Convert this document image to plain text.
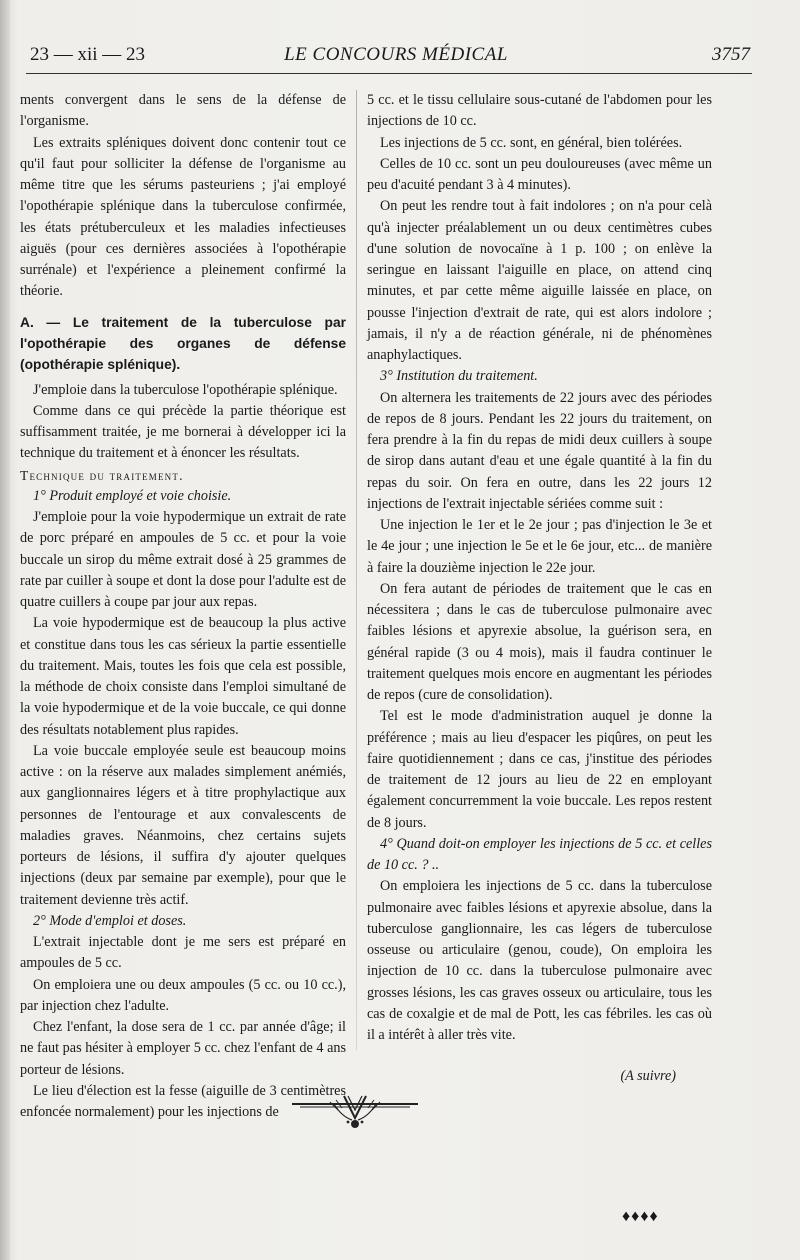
23 — xii — 23	LE CONCOURS MÉDICAL	3757

ments convergent dans le sens de la défense de l'organisme.

Les extraits spléniques doivent donc contenir tout ce qu'il faut pour solliciter la défense de l'organisme au même titre que les sérums pasteuriens ; j'ai employé l'opothérapie splénique dans la tuberculose confirmée, les états prétuberculeux et les maladies infectieuses aiguës (pour ces dernières associées à l'opothérapie surrénale) et l'expérience a pleinement confirmé la théorie.

A. — Le traitement de la tuberculose par l'opothérapie des organes de défense (opothérapie splénique).

J'emploie dans la tuberculose l'opothérapie splénique.

Comme dans ce qui précède la partie théorique est suffisamment traitée, je me bornerai à développer ici la technique du traitement et à énoncer les résultats.

Technique du traitement.

1° Produit employé et voie choisie.

J'emploie pour la voie hypodermique un extrait de rate de porc préparé en ampoules de 5 cc. et pour la voie buccale un sirop du même extrait dosé à 25 grammes de rate par cuiller à soupe et dont la dose pour l'adulte est de quatre cuillers à coupe par jour aux repas.

La voie hypodermique est de beaucoup la plus active et constitue dans tous les cas sérieux la partie essentielle du traitement. Mais, toutes les fois que cela est possible, la méthode de choix consiste dans l'emploi simultané de la voie hypodermique et de la voie buccale, ce qui donne des résultats notablement plus rapides.

La voie buccale employée seule est beaucoup moins active : on la réserve aux malades simplement anémiés, aux ganglionnaires légers et à titre prophylactique aux personnes de l'entourage et aux convalescents de maladies graves. Néanmoins, chez certains sujets porteurs de lésions, il suffira d'y ajouter quelques injections (deux par semaine par exemple), pour que le traitement devienne très actif.

2° Mode d'emploi et doses.

L'extrait injectable dont je me sers est préparé en ampoules de 5 cc.

On emploiera une ou deux ampoules (5 cc. ou 10 cc.), par injection chez l'adulte.

Chez l'enfant, la dose sera de 1 cc. par année d'âge; il ne faut pas hésiter à employer 5 cc. chez l'enfant de 4 ans porteur de lésions.

Le lieu d'élection est la fesse (aiguille de 3 centimètres enfoncée normalement) pour les injections de

5 cc. et le tissu cellulaire sous-cutané de l'abdomen pour les injections de 10 cc.

Les injections de 5 cc. sont, en général, bien tolérées.

Celles de 10 cc. sont un peu douloureuses (avec même un peu d'acuité pendant 3 à 4 minutes).

On peut les rendre tout à fait indolores ; on n'a pour celà qu'à injecter préalablement un ou deux centimètres cubes d'une solution de novocaïne à 1 p. 100 ; on enlève la seringue en laissant l'aiguille en place, on attend cinq minutes, et par cette même aiguille laissée en place, on pousse l'injection d'extrait de rate, qui est alors indolore ; jamais, il n'y a de réaction générale, ni de phénomènes anaphylactiques.

3° Institution du traitement.

On alternera les traitements de 22 jours avec des périodes de repos de 8 jours. Pendant les 22 jours du traitement, on fera prendre à la fin du repas de midi deux cuillers à soupe de sirop dans autant d'eau et une égale quantité à la fin du repas du soir. On fera en outre, dans les 22 jours 12 injections de l'extrait injectable sériées comme suit :

Une injection le 1er et le 2e jour ; pas d'injection le 3e et le 4e jour ; une injection le 5e et le 6e jour, etc... de manière à faire la douzième injection le 22e jour.

On fera autant de périodes de traitement que le cas en nécessitera ; dans le cas de tuberculose pulmonaire avec faibles lésions et apyrexie absolue, la guérison sera, en général rapide (3 ou 4 mois), mais il faudra continuer le traitement quelques mois encore en augmentant les périodes de repos (cure de consolidation).

Tel est le mode d'administration auquel je donne la préférence ; mais au lieu d'espacer les piqûres, on peut les faire quotidiennement ; dans ce cas, j'institue des périodes de traitement de 12 jours au lieu de 22 en employant également concurremment la voie buccale. Les repos restent de 8 jours.

4° Quand doit-on employer les injections de 5 cc. et celles de 10 cc. ? ..

On emploiera les injections de 5 cc. dans la tuberculose pulmonaire avec faibles lésions et apyrexie absolue, dans la tuberculose ganglionnaire, les cas légers de tuberculose osseuse ou articulaire (genou, coude), On emploira les injection de 10 cc. dans la tuberculose pulmonaire avec grosses lésions, les cas graves osseux ou articulaire, tous les cas de coxalgie et de mal de Pott, les cas fébriles. les cas où il a intérêt à aller très vite.

(A suivre)

♦♦♦♦
